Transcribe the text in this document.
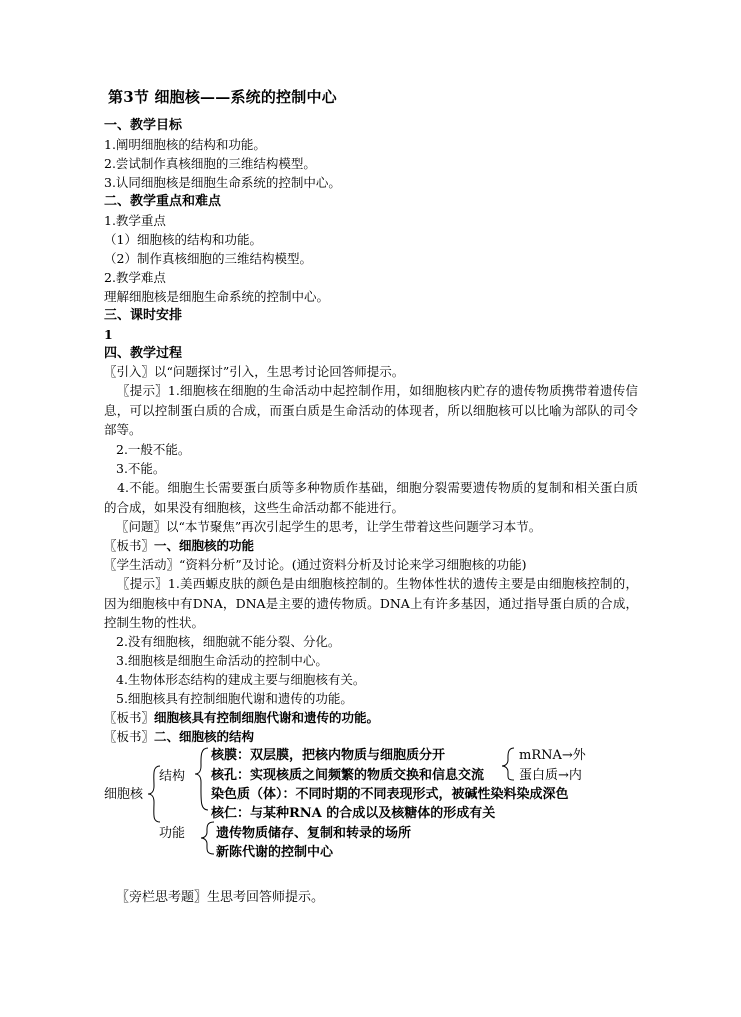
第3节 细胞核——系统的控制中心
一、教学目标
1.阐明细胞核的结构和功能。
2.尝试制作真核细胞的三维结构模型。
3.认同细胞核是细胞生命系统的控制中心。
二、教学重点和难点
1.教学重点
（1）细胞核的结构和功能。
（2）制作真核细胞的三维结构模型。
2.教学难点
理解细胞核是细胞生命系统的控制中心。
三、课时安排
1
四、教学过程
〖引入〗以“问题探讨”引入，生思考讨论回答师提示。
〖提示〗1.细胞核在细胞的生命活动中起控制作用，如细胞核内贮存的遗传物质携带着遗传信息，可以控制蛋白质的合成，而蛋白质是生命活动的体现者，所以细胞核可以比喻为部队的司令部等。
2.一般不能。
3.不能。
4.不能。细胞生长需要蛋白质等多种物质作基础，细胞分裂需要遗传物质的复制和相关蛋白质的合成，如果没有细胞核，这些生命活动都不能进行。
〖问题〗以“本节聚焦”再次引起学生的思考，让学生带着这些问题学习本节。
〖板书〗一、细胞核的功能
〖学生活动〗“资料分析”及讨论。(通过资料分析及讨论来学习细胞核的功能)
〖提示〗1.美西螈皮肤的颜色是由细胞核控制的。生物体性状的遗传主要是由细胞核控制的，因为细胞核中有DNA，DNA是主要的遗传物质。DNA上有许多基因，通过指导蛋白质的合成，控制生物的性状。
2.没有细胞核，细胞就不能分裂、分化。
3.细胞核是细胞生命活动的控制中心。
4.生物体形态结构的建成主要与细胞核有关。
5.细胞核具有控制细胞代谢和遗传的功能。
〖板书〗细胞核具有控制细胞代谢和遗传的功能。
〖板书〗二、细胞核的结构
细胞核
结构
功能
核膜：双层膜，把核内物质与细胞质分开
核孔：实现核质之间频繁的物质交换和信息交流
mRNA→外
蛋白质→内
染色质（体）：不同时期的不同表现形式，被碱性染料染成深色
核仁：与某种RNA 的合成以及核糖体的形成有关
遗传物质储存、复制和转录的场所
新陈代谢的控制中心
〖旁栏思考题〗生思考回答师提示。
